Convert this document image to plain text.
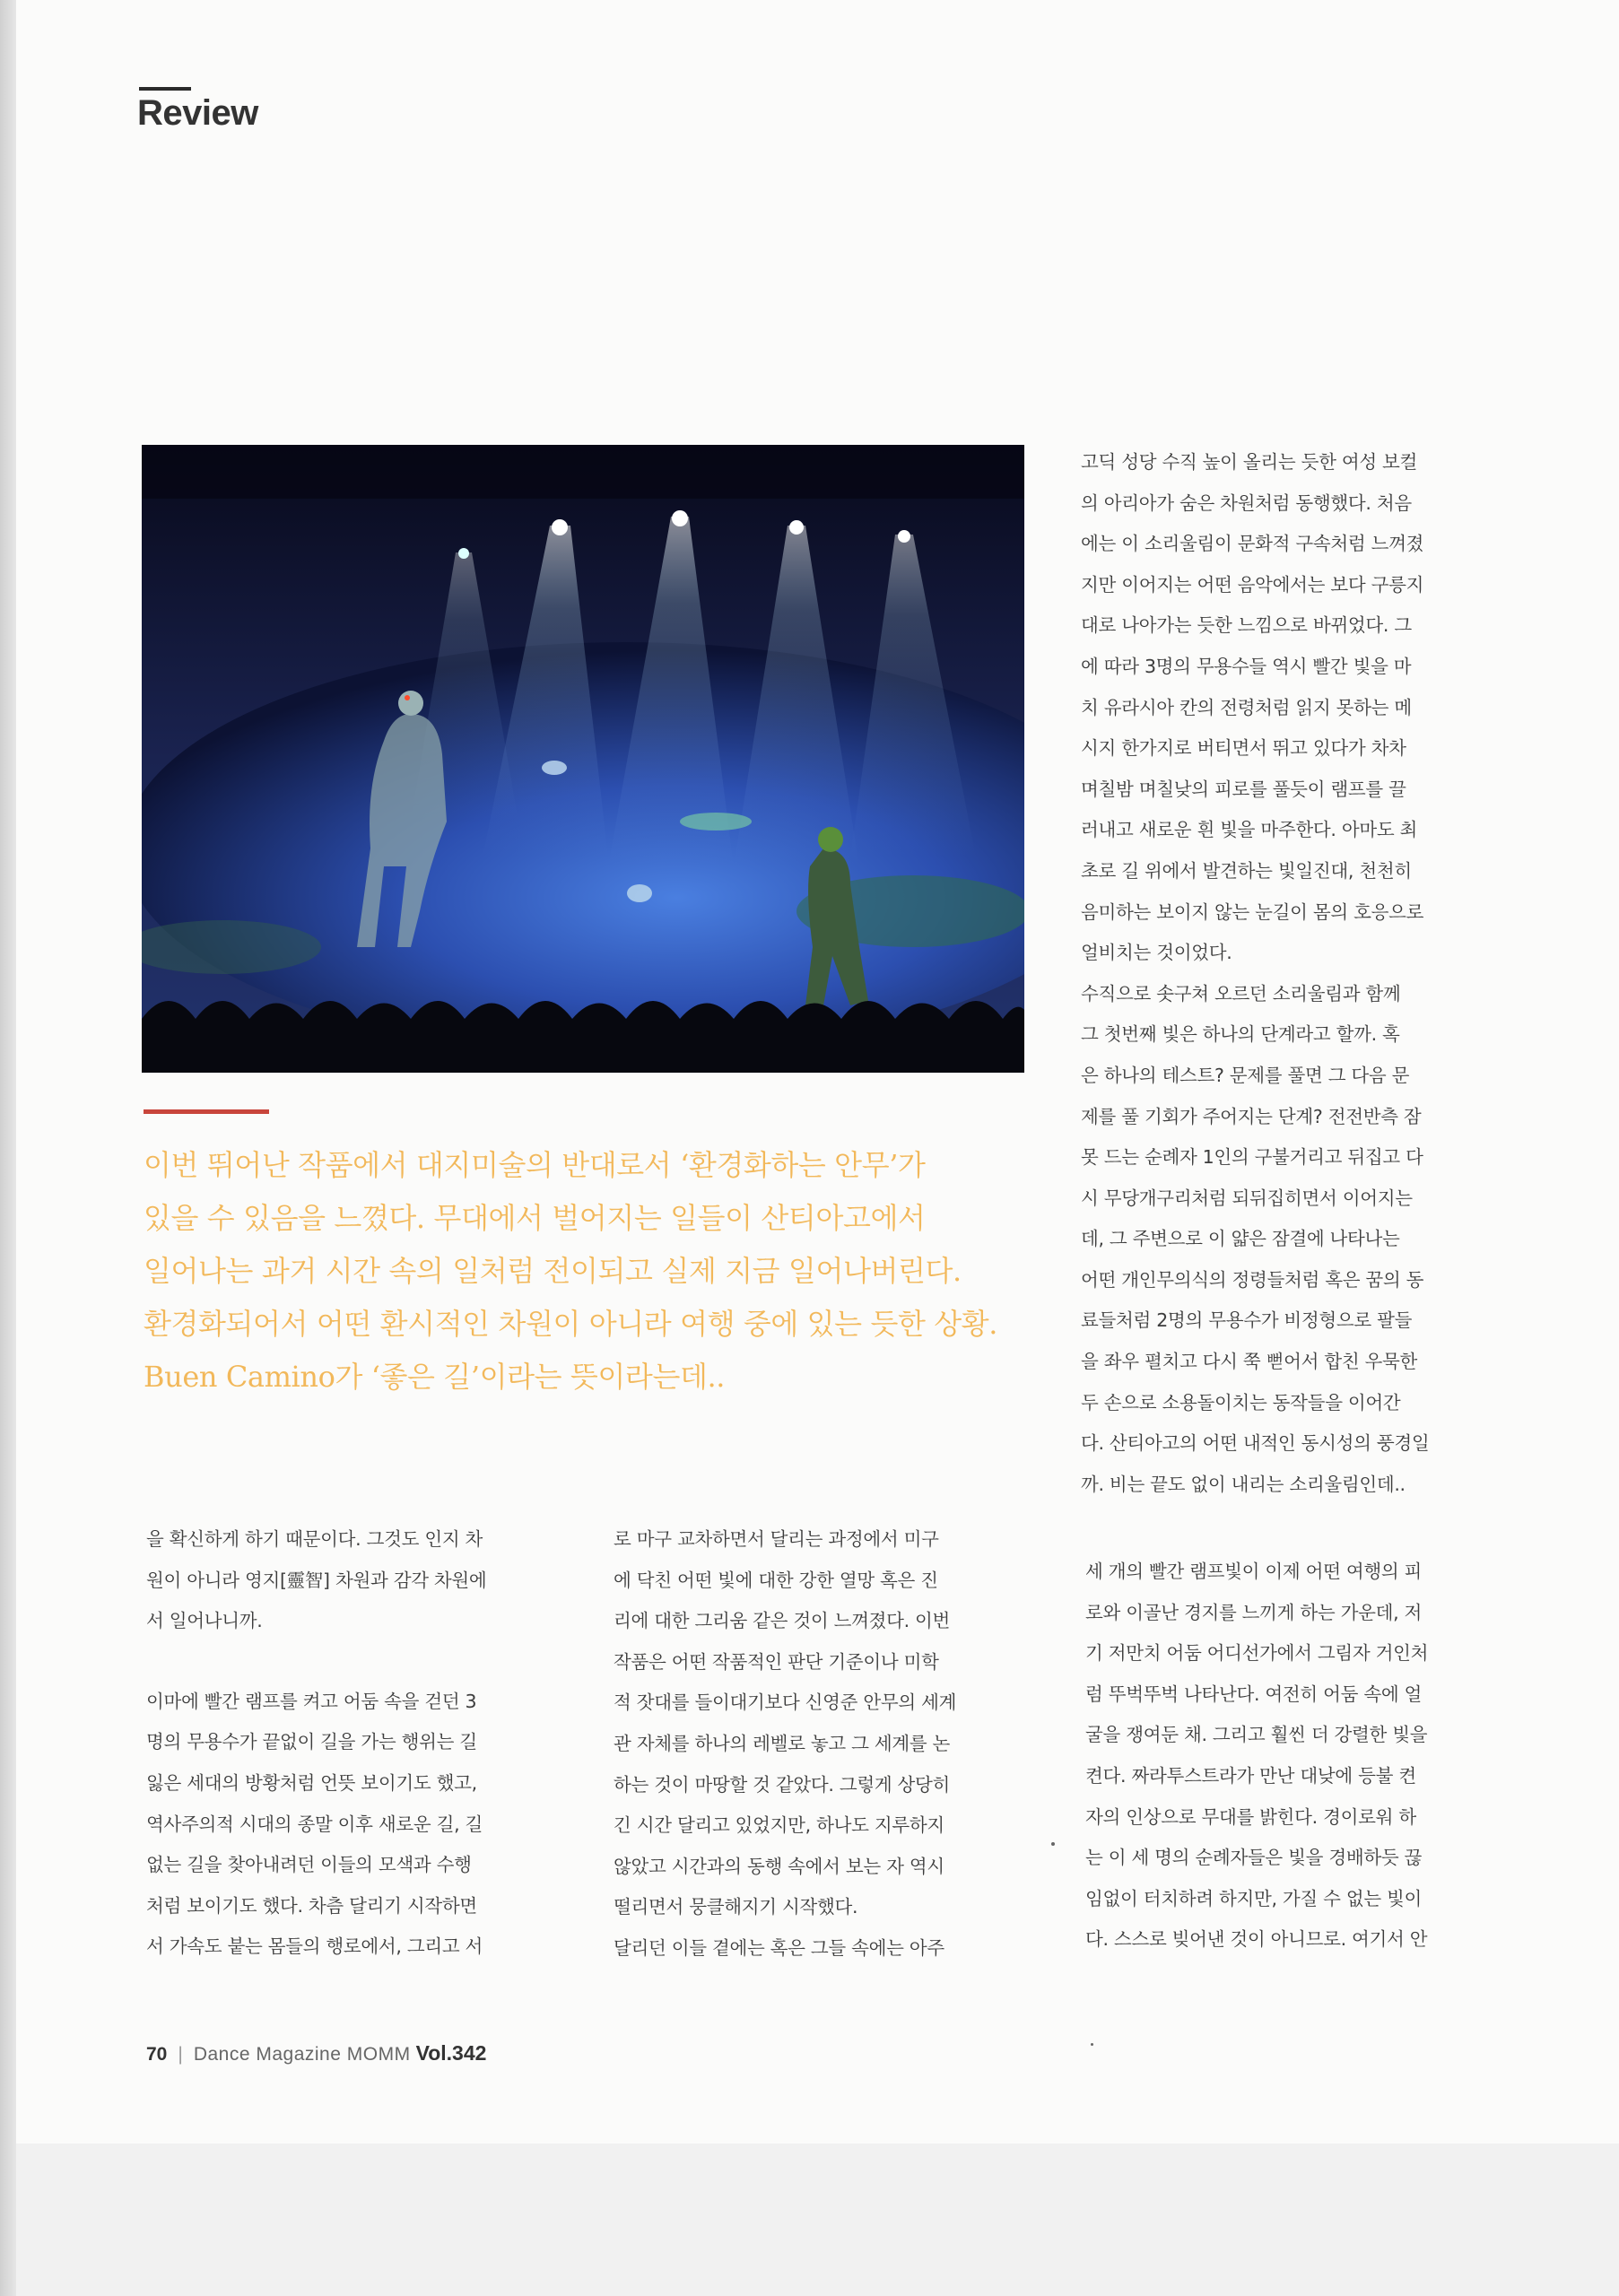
Review
이번 뛰어난 작품에서 대지미술의 반대로서 ‘환경화하는 안무’가
있을 수 있음을 느꼈다. 무대에서 벌어지는 일들이 산티아고에서
일어나는 과거 시간 속의 일처럼 전이되고 실제 지금 일어나버린다.
환경화되어서 어떤 환시적인 차원이 아니라 여행 중에 있는 듯한 상황.
Buen Camino가 ‘좋은 길’이라는 뜻이라는데..

고딕 성당 수직 높이 올리는 듯한 여성 보컬

의 아리아가 숨은 차원처럼 동행했다. 처음

에는 이 소리울림이 문화적 구속처럼 느껴졌

지만 이어지는 어떤 음악에서는 보다 구릉지

대로 나아가는 듯한 느낌으로 바뀌었다. 그

에 따라 3명의 무용수들 역시 빨간 빛을 마

치 유라시아 칸의 전령처럼 읽지 못하는 메

시지 한가지로 버티면서 뛰고 있다가 차차

며칠밤 며칠낮의 피로를 풀듯이 램프를 끌

러내고 새로운 흰 빛을 마주한다. 아마도 최

초로 길 위에서 발견하는 빛일진대, 천천히

음미하는 보이지 않는 눈길이 몸의 호응으로

얼비치는 것이었다.

수직으로 솟구쳐 오르던 소리울림과 함께

그 첫번째 빛은 하나의 단계라고 할까. 혹

은 하나의 테스트? 문제를 풀면 그 다음 문

제를 풀 기회가 주어지는 단계? 전전반측 잠

못 드는 순례자 1인의 구불거리고 뒤집고 다

시 무당개구리처럼 되뒤집히면서 이어지는

데, 그 주변으로 이 얇은 잠결에 나타나는

어떤 개인무의식의 정령들처럼 혹은 꿈의 동

료들처럼 2명의 무용수가 비정형으로 팔들

을 좌우 펼치고 다시 쭉 뻗어서 합친 우묵한

두 손으로 소용돌이치는 동작들을 이어간

다. 산티아고의 어떤 내적인 동시성의 풍경일

까. 비는 끝도 없이 내리는 소리울림인데..

을 확신하게 하기 때문이다. 그것도 인지 차

원이 아니라 영지[靈智] 차원과 감각 차원에

서 일어나니까.

이마에 빨간 램프를 켜고 어둠 속을 걷던 3

명의 무용수가 끝없이 길을 가는 행위는 길

잃은 세대의 방황처럼 언뜻 보이기도 했고,

역사주의적 시대의 종말 이후 새로운 길, 길

없는 길을 찾아내려던 이들의 모색과 수행

처럼 보이기도 했다. 차츰 달리기 시작하면

서 가속도 붙는 몸들의 행로에서, 그리고 서

로 마구 교차하면서 달리는 과정에서 미구

에 닥친 어떤 빛에 대한 강한 열망 혹은 진

리에 대한 그리움 같은 것이 느껴졌다. 이번

작품은 어떤 작품적인 판단 기준이나 미학

적 잣대를 들이대기보다 신영준 안무의 세계

관 자체를 하나의 레벨로 놓고 그 세계를 논

하는 것이 마땅할 것 같았다. 그렇게 상당히

긴 시간 달리고 있었지만, 하나도 지루하지

않았고 시간과의 동행 속에서 보는 자 역시

떨리면서 뭉클해지기 시작했다.

달리던 이들 곁에는 혹은 그들 속에는 아주

세 개의 빨간 램프빛이 이제 어떤 여행의 피

로와 이골난 경지를 느끼게 하는 가운데, 저

기 저만치 어둠 어디선가에서 그림자 거인처

럼 뚜벅뚜벅 나타난다. 여전히 어둠 속에 얼

굴을 쟁여둔 채. 그리고 훨씬 더 강렬한 빛을

켠다. 짜라투스트라가 만난 대낮에 등불 켠

자의 인상으로 무대를 밝힌다. 경이로워 하

는 이 세 명의 순례자들은 빛을 경배하듯 끊

임없이 터치하려 하지만, 가질 수 없는 빛이

다. 스스로 빚어낸 것이 아니므로. 여기서 안

70 | Dance Magazine MOMM Vol.342
